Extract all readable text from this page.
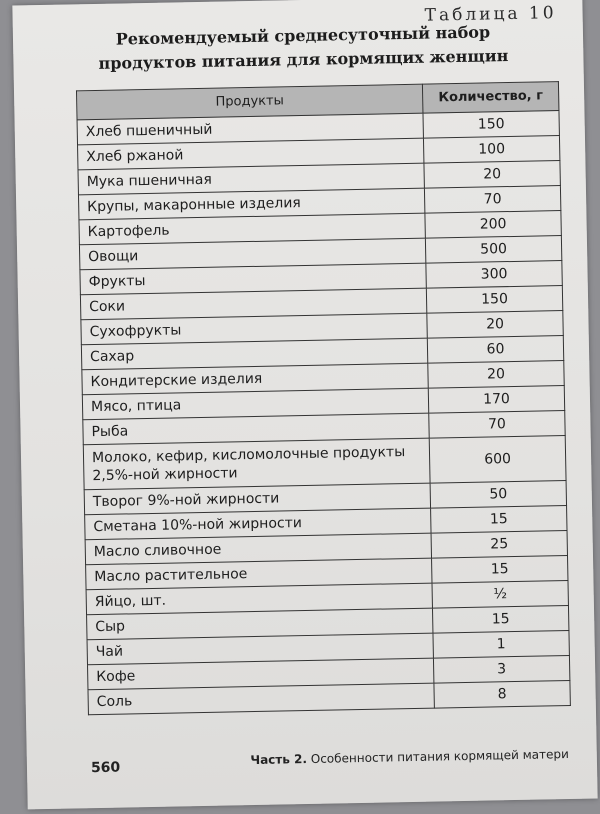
Таблица 10
Рекомендуемый среднесуточный набор продуктов питания для кормящих женщин
Продукты	Количество, г
Хлеб пшеничный	150
Хлеб ржаной	100
Мука пшеничная	20
Крупы, макаронные изделия	70
Картофель	200
Овощи	500
Фрукты	300
Соки	150
Сухофрукты	20
Сахар	60
Кондитерские изделия	20
Мясо, птица	170
Рыба	70
Молоко, кефир, кисломолочные продукты 2,5%-ной жирности	600
Творог 9%-ной жирности	50
Сметана 10%-ной жирности	15
Масло сливочное	25
Масло растительное	15
Яйцо, шт.	½
Сыр	15
Чай	1
Кофе	3
Соль	8
560
Часть 2. Особенности питания кормящей матери
